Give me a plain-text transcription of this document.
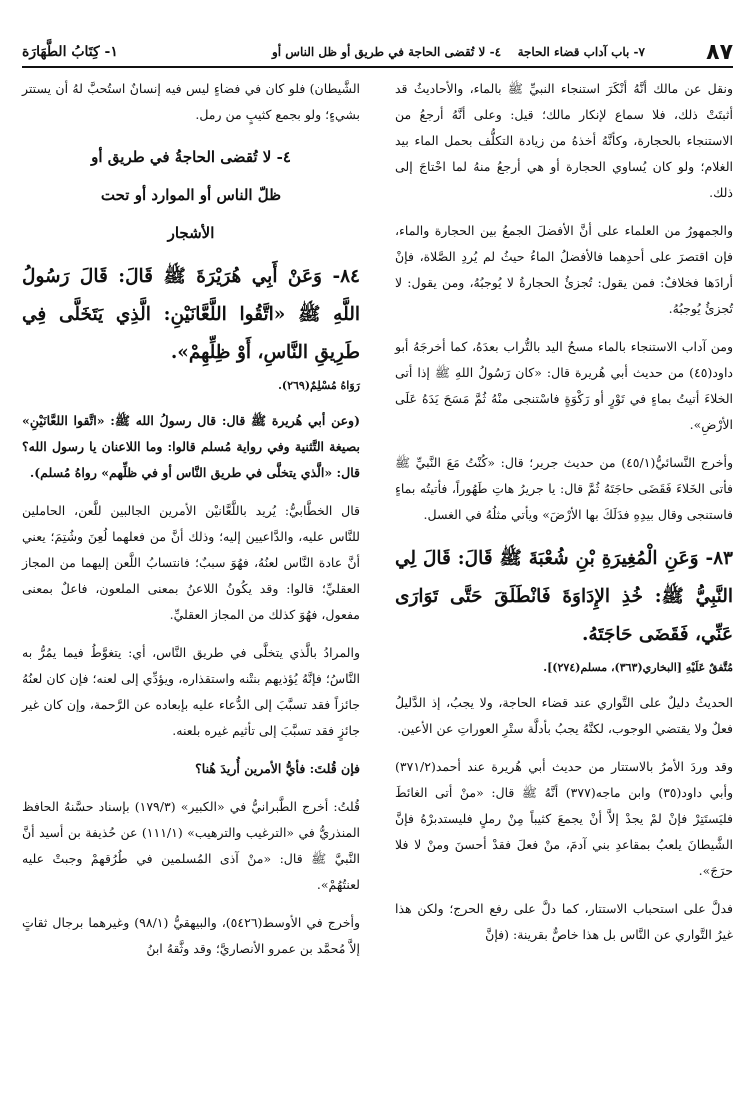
٨٧
٧- باب آداب قضاء الحاجة
٤- لا تُقضى الحاجة في طريق أو ظل الناس أو
١- كِتَابُ الطَّهَارَة

ونقل عن مالك أنَّهُ أنْكَرَ استنجاء النبيِّ ﷺ بالماء، والأحاديثُ قد أثبتَتْ ذلك، فلا سماع لإنكار مالك؛ قيل: وعلى أنَّهُ أرجعُ من الاستنجاء بالحجارة، وكأنَّهُ أخذهُ من زيادة التكلُّف بحمل الماء بيد الغلام؛ ولو كان يُساوي الحجارة أو هي أرجعُ منهُ لما احْتاجَ إلى ذلك.

والجمهورُ من العلماء على أنَّ الأفضلَ الجمعُ بين الحجارة والماء، فإن اقتصرَ على أحدِهما فالأفضلُ الماءُ حيثُ لم يُردِ الصَّلاة، فإنْ أرادَها فخلافٌ: فمن يقول: تُجزئُ الحجارةُ لا يُوجبُهُ، ومن يقول: لا تُجزئُ يُوجبُهُ.

ومن آداب الاستنجاء بالماء مسحُ اليد بالتُّراب بعدَهُ، كما أخرجَهُ أبو داود(٤٥) من حديث أبي هُريرة قال: «كان رَسُولُ اللهِ ﷺ إذا أتى الخلاءَ أتيتُ بماءٍ في تَوْرٍ أو رَكْوَةٍ فاسْتنجى منْهُ ثُمَّ مَسَحَ يَدَهُ عَلَى الأرْضِ».

وأخرج النَّسائيُّ(٤٥/١) من حديث جرير؛ قال: «كُنْتُ مَعَ النَّبيِّ ﷺ فأتى الخَلاءَ فَقَضَى حاجَتَهُ ثُمَّ قال: يا جريرُ هاتِ طَهُوراً، فأتيتُه بماءٍ فاستنجى وقال بيدِهِ فدَلَكَ بها الأرْضَ» ويأتي مثلُهُ في الغسل.

٨٣- وَعَنِ الْمُغِيرَةِ بْنِ شُعْبَةَ ﷺ قَالَ: قَالَ لِي النَّبِيُّ ﷺ: خُذِ الإِدَاوَةَ فَانْطَلَقَ حَتَّى تَوَارَى عَنِّي، فَقَضَى حَاجَتَهُ.
مُتَّفقٌ عَلَيْهِ [البخاري(٣٦٣)، مسلم(٢٧٤)].

الحديثُ دليلٌ على التَّواري عند قضاء الحاجة، ولا يجبُ، إذ الدَّليلُ فعلٌ ولا يقتضي الوجوب، لكنَّهُ يجبُ بأدلَّة ستْرِ العوراتِ عن الأعين.

وقد وردَ الأمرُ بالاستتار من حديث أبي هُريرة عند أحمد(٣٧١/٢) وأبي داود(٣٥) وابن ماجه(٣٧٧) أنَّهُ ﷺ قال: «منْ أتى الغائطَ فليَستَتِرْ فإنْ لمْ يجدْ إلاَّ أنْ يجمعَ كثيباً مِنْ رملٍ فليستدبرْهُ فإنَّ الشَّيطانَ يلعبُ بمقاعدِ بني آدمَ، منْ فعلَ فقدْ أحسنَ ومنْ لا فلا حرَجَ».

فدلَّ على استحباب الاستتار، كما دلَّ على رفع الحرج؛ ولكن هذا غيرُ التَّواري عن النَّاس بل هذا خاصٌّ بقرينة: (فإنَّ

الشَّيطان) فلو كان في فضاءٍ ليس فيه إنسانٌ استُحبَّ لهُ أن يستتر بشيءٍ؛ ولو بجمع كثيبٍ من رمل.

٤- لا تُقضى الحاجةُ في طريق أو
ظلّ الناس أو الموارد أو تحت
الأشجار
٨٤- وَعَنْ أَبِي هُرَيْرَةَ ﷺ قَالَ: قَالَ رَسُولُ اللَّهِ ﷺ «اتَّقُوا اللَّعَّانَيْنِ: الَّذِي يَتَخَلَّى فِي طَرِيقِ النَّاسِ، أَوْ ظِلِّهِمْ».
رَوَاهُ مُسْلِمٌ(٢٦٩).

(وعن أبي هُريرة ﷺ قال: قال رسولُ الله ﷺ: «اتَّقوا اللعَّانَيْنِ» بصيغة التَّثنية وفي رواية مُسلم قالوا: وما اللاعنان يا رسول الله؟ قال: «الَّذي يتخلَّى في طريق النَّاس أو في ظلِّهم» رواهُ مُسلم).

قال الخطَّابيُّ: يُريد باللَّعَّانيْن الأمرين الجالبين للَّعن، الحاملين للنَّاس عليه، والدَّاعيين إليه؛ وذلك أنَّ من فعلهما لُعِنَ وشُتِمَ؛ يعني أنَّ عادة النَّاس لعنُهُ، فهُوَ سببٌ؛ فانتسابُ اللَّعن إليهما من المجاز العقليِّ؛ قالوا: وقد يكُونُ اللاعنُ بمعنى الملعون، فاعلٌ بمعنى مفعول، فهُوَ كذلك من المجاز العقليِّ.

والمرادُ بالَّذي يتخلَّى في طريق النَّاس، أي: يتغوَّطُ فيما يمُرُّ به النَّاسُ؛ فإنَّهُ يُؤذيهم بنتْنه واستقذاره، ويؤدِّي إلى لعنه؛ فإن كان لعنُهُ جائزاً فقد تسبَّبَ إلى الدُّعاء عليه بإبعاده عن الرَّحمة، وإن كان غير جائزٍ فقد تسبَّبَ إلى تأثيم غيره بلعنه.

فإن قُلتَ: فأيُّ الأمرين أُريدَ هُنا؟

قُلتُ: أخرج الطَّبرانيُّ في «الكبير» (١٧٩/٣) بإسناد حسَّنهُ الحافظ المنذريُّ في «الترغيب والترهيب» (١١١/١) عن حُذيفة بن أسيد أنَّ النَّبيَّ ﷺ قال: «منْ آذى المُسلمين في طُرُقهمْ وجبتْ عليه لعنتُهُمْ».

وأخرج في الأوسط(٥٤٢٦)، والبيهقيُّ (٩٨/١) وغيرهما برجال ثقاتٍ إلاَّ مُحمَّد بن عمرو الأنصاريَّ؛ وقد وثَّقهُ ابنُ
